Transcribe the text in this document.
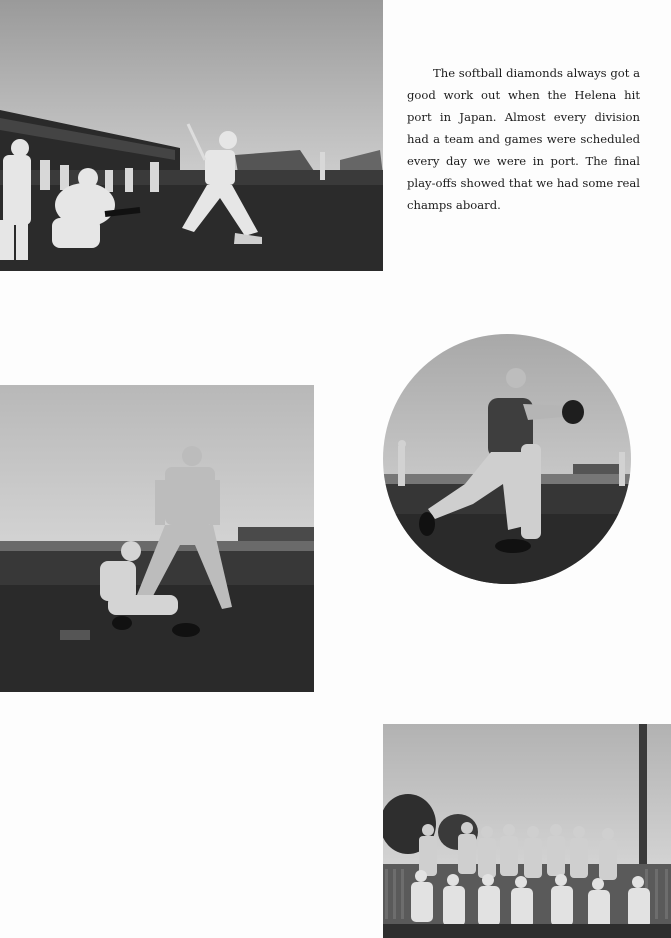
The softball diamonds always got a good work out when the Helena hit port in Japan. Almost every division had a team and games were scheduled every day we were in port. The final play-offs showed that we had some real champs aboard.
